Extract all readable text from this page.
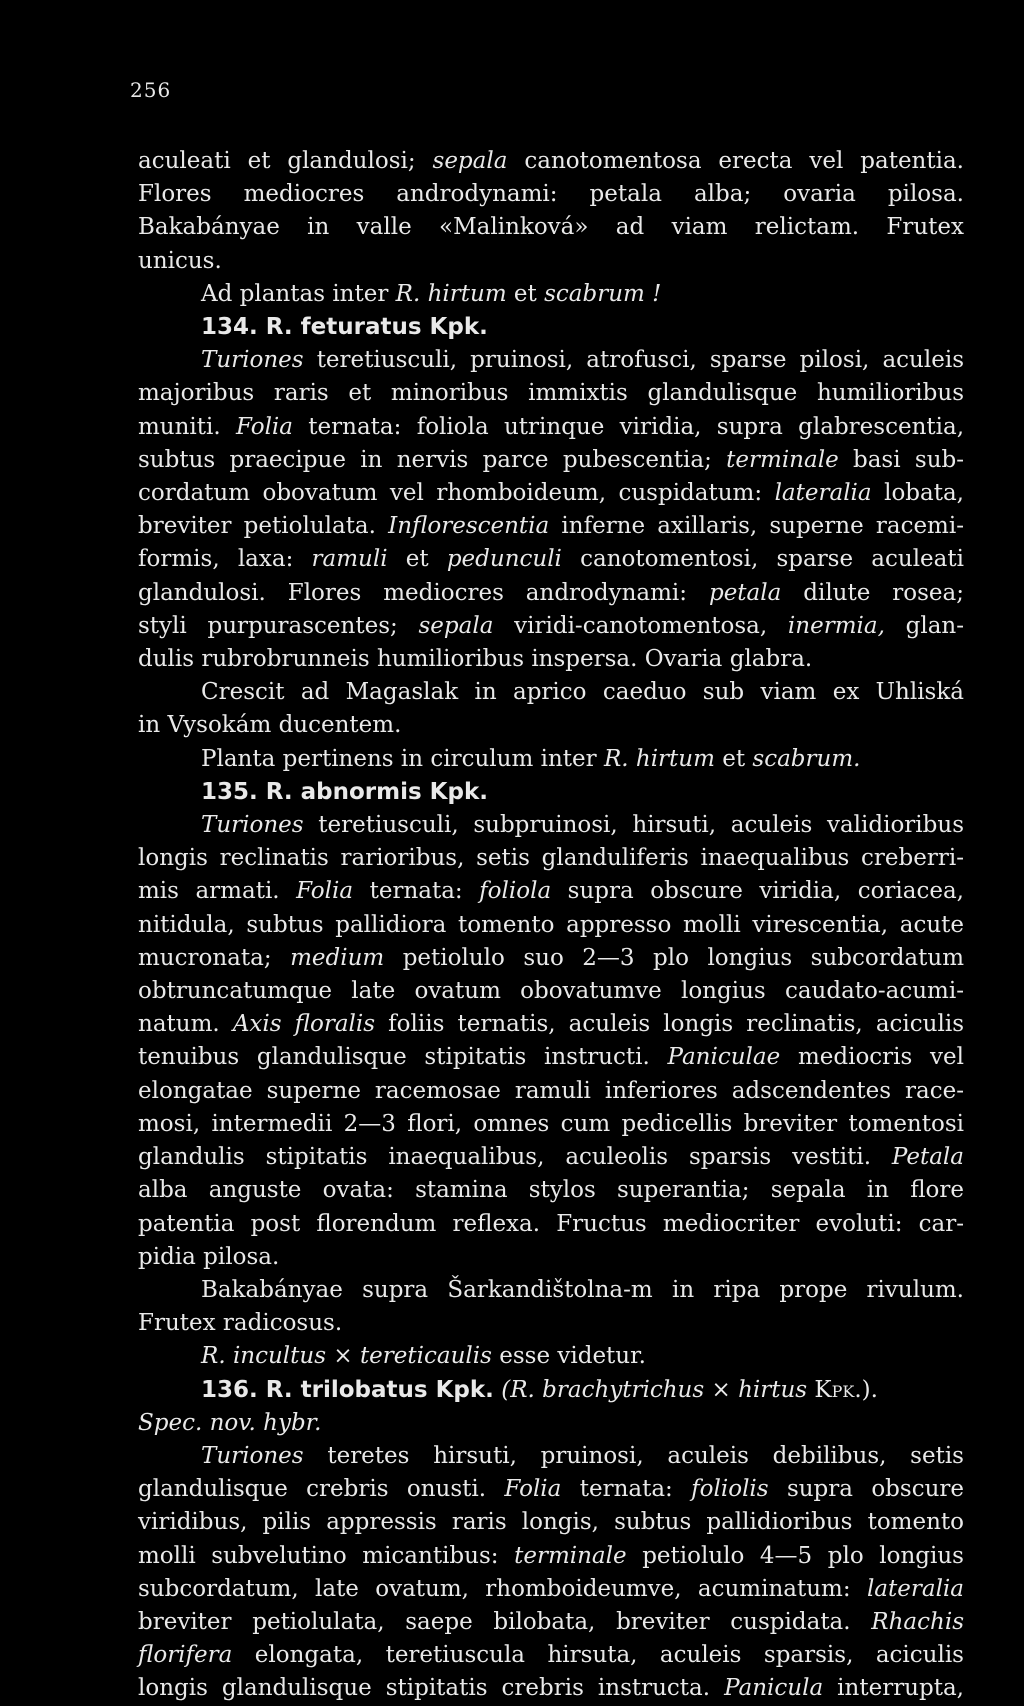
256

aculeati et glandulosi; sepala canotomentosa erecta vel patentia.

Flores mediocres androdynami: petala alba; ovaria pilosa.

Bakabányae in valle «Malinková» ad viam relictam. Frutex

unicus.

Ad plantas inter R. hirtum et scabrum !

134. R. feturatus Kpk.

Turiones teretiusculi, pruinosi, atrofusci, sparse pilosi, aculeis

majoribus raris et minoribus immixtis glandulisque humilioribus

muniti. Folia ternata: foliola utrinque viridia, supra glabrescentia,

subtus praecipue in nervis parce pubescentia; terminale basi sub-

cordatum obovatum vel rhomboideum, cuspidatum: lateralia lobata,

breviter petiolulata. Inflorescentia inferne axillaris, superne racemi-

formis, laxa: ramuli et pedunculi canotomentosi, sparse aculeati

glandulosi. Flores mediocres androdynami: petala dilute rosea;

styli purpurascentes; sepala viridi-canotomentosa, inermia, glan-

dulis rubrobrunneis humilioribus inspersa. Ovaria glabra.

Crescit ad Magaslak in aprico caeduo sub viam ex Uhliská

in Vysokám ducentem.

Planta pertinens in circulum inter R. hirtum et scabrum.

135. R. abnormis Kpk.

Turiones teretiusculi, subpruinosi, hirsuti, aculeis validioribus

longis reclinatis rarioribus, setis glanduliferis inaequalibus creberri-

mis armati. Folia ternata: foliola supra obscure viridia, coriacea,

nitidula, subtus pallidiora tomento appresso molli virescentia, acute

mucronata; medium petiolulo suo 2—3 plo longius subcordatum

obtruncatumque late ovatum obovatumve longius caudato-acumi-

natum. Axis floralis foliis ternatis, aculeis longis reclinatis, aciculis

tenuibus glandulisque stipitatis instructi. Paniculae mediocris vel

elongatae superne racemosae ramuli inferiores adscendentes race-

mosi, intermedii 2—3 flori, omnes cum pedicellis breviter tomentosi

glandulis stipitatis inaequalibus, aculeolis sparsis vestiti. Petala

alba anguste ovata: stamina stylos superantia; sepala in flore

patentia post florendum reflexa. Fructus mediocriter evoluti: car-

pidia pilosa.

Bakabányae supra Šarkandištolna-m in ripa prope rivulum.

Frutex radicosus.

R. incultus × tereticaulis esse videtur.

136. R. trilobatus Kpk. (R. brachytrichus × hirtus Kpk.).

Spec. nov. hybr.

Turiones teretes hirsuti, pruinosi, aculeis debilibus, setis

glandulisque crebris onusti. Folia ternata: foliolis supra obscure

viridibus, pilis appressis raris longis, subtus pallidioribus tomento

molli subvelutino micantibus: terminale petiolulo 4—5 plo longius

subcordatum, late ovatum, rhomboideumve, acuminatum: lateralia

breviter petiolulata, saepe bilobata, breviter cuspidata. Rhachis

florifera elongata, teretiuscula hirsuta, aculeis sparsis, aciculis

longis glandulisque stipitatis crebris instructa. Panicula interrupta,
